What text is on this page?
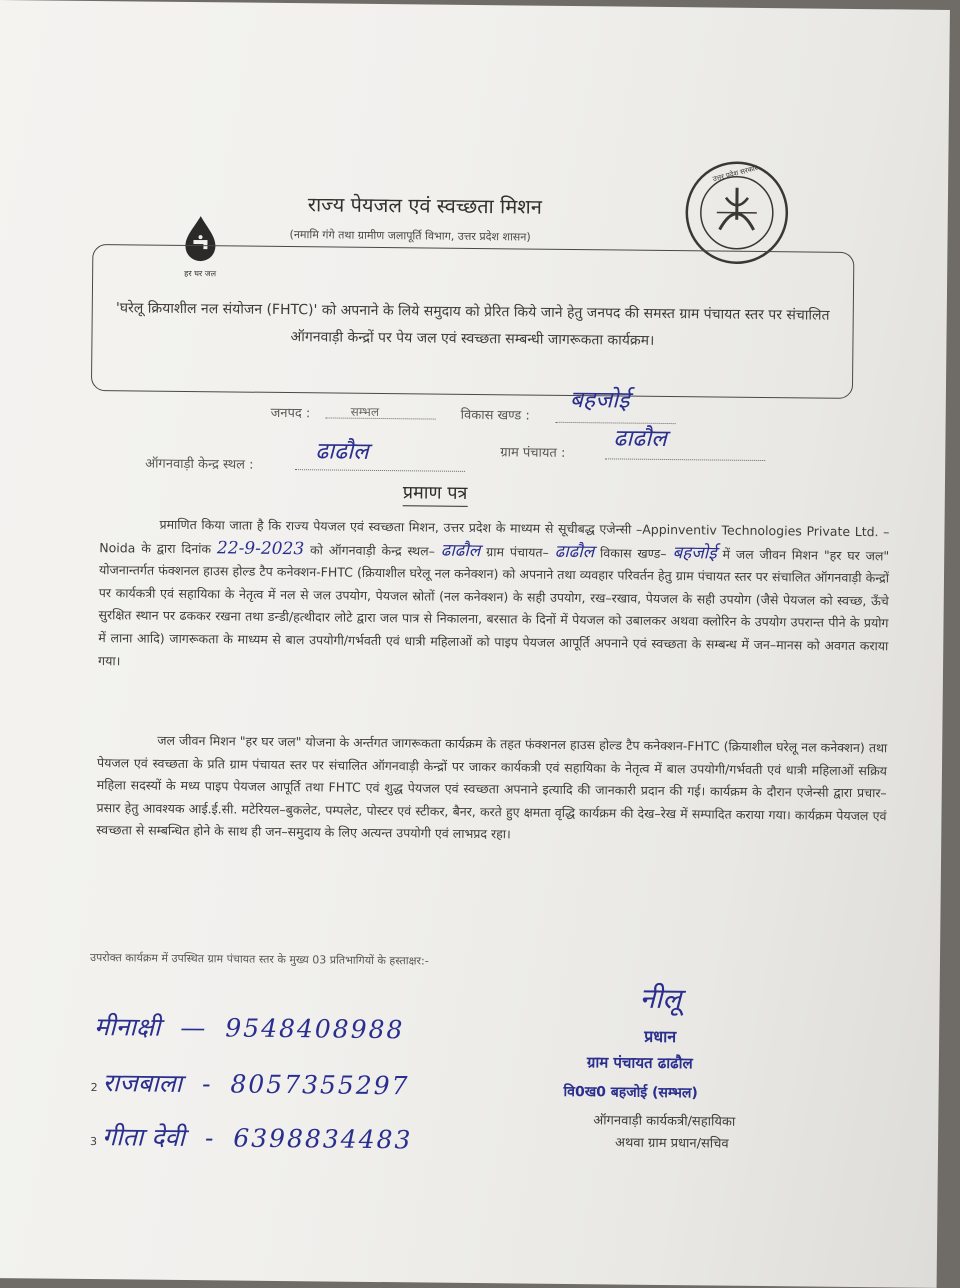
हर घर जल
उत्तर प्रदेश सरकार
राज्य पेयजल एवं स्वच्छता मिशन
(नमामि गंगे तथा ग्रामीण जलापूर्ति विभाग, उत्तर प्रदेश शासन)
'घरेलू क्रियाशील नल संयोजन (FHTC)' को अपनाने के लिये समुदाय को प्रेरित किये जाने हेतु जनपद की समस्त ग्राम पंचायत स्तर पर संचालित ऑगनवाड़ी केन्द्रों पर पेय जल एवं स्वच्छता सम्बन्धी जागरूकता कार्यक्रम।
जनपद :	सम्भल	विकास खण्ड :
बहजोई
ऑगनवाड़ी केन्द्र स्थल :	ढाढौल	ग्राम पंचायत :
ढाढौल
प्रमाण पत्र
प्रमाणित किया जाता है कि राज्य पेयजल एवं स्वच्छता मिशन, उत्तर प्रदेश के माध्यम से सूचीबद्ध एजेन्सी –Appinventiv Technologies Private Ltd. – Noida के द्वारा दिनांक 22-9-2023 को ऑगनवाड़ी केन्द्र स्थल– ढाढौल ग्राम पंचायत– ढाढौल विकास खण्ड– बहजोई में जल जीवन मिशन "हर घर जल" योजनान्तर्गत फंक्शनल हाउस होल्ड टैप कनेक्शन-FHTC (क्रियाशील घरेलू नल कनेक्शन) को अपनाने तथा व्यवहार परिवर्तन हेतु ग्राम पंचायत स्तर पर संचालित ऑगनवाड़ी केन्द्रों पर कार्यकत्री एवं सहायिका के नेतृत्व में नल से जल उपयोग, पेयजल स्रोतों (नल कनेक्शन) के सही उपयोग, रख–रखाव, पेयजल के सही उपयोग (जैसे पेयजल को स्वच्छ, ऊँचे सुरक्षित स्थान पर ढककर रखना तथा डन्डी/हत्थीदार लोटे द्वारा जल पात्र से निकालना, बरसात के दिनों में पेयजल को उबालकर अथवा क्लोरिन के उपयोग उपरान्त पीने के प्रयोग में लाना आदि) जागरूकता के माध्यम से बाल उपयोगी/गर्भवती एवं धात्री महिलाओं को पाइप पेयजल आपूर्ति अपनाने एवं स्वच्छता के सम्बन्ध में जन–मानस को अवगत कराया गया।
जल जीवन मिशन "हर घर जल" योजना के अर्न्तगत जागरूकता कार्यक्रम के तहत फंक्शनल हाउस होल्ड टैप कनेक्शन-FHTC (क्रियाशील घरेलू नल कनेक्शन) तथा पेयजल एवं स्वच्छता के प्रति ग्राम पंचायत स्तर पर संचालित ऑगनवाड़ी केन्द्रों पर जाकर कार्यकत्री एवं सहायिका के नेतृत्व में बाल उपयोगी/गर्भवती एवं धात्री महिलाओं सक्रिय महिला सदस्यों के मध्य पाइप पेयजल आपूर्ति तथा FHTC एवं शुद्ध पेयजल एवं स्वच्छता अपनाने इत्यादि की जानकारी प्रदान की गई। कार्यक्रम के दौरान एजेन्सी द्वारा प्रचार–प्रसार हेतु आवश्यक आई.ई.सी. मटेरियल–बुकलेट, पम्पलेट, पोस्टर एवं स्टीकर, बैनर, करते हुए क्षमता वृद्धि कार्यक्रम की देख–रेख में सम्पादित कराया गया। कार्यक्रम पेयजल एवं स्वच्छता से सम्बन्धित होने के साथ ही जन–समुदाय के लिए अत्यन्त उपयोगी एवं लाभप्रद रहा।
उपरोक्त कार्यक्रम में उपस्थित ग्राम पंचायत स्तर के मुख्य 03 प्रतिभागियों के हस्ताक्षर:-
मीनाक्षी — 9548408988
2 राजबाला - 8057355297
3 गीता देवी - 6398834483
नीलू
प्रधान
ग्राम पंचायत ढाढौल
वि0ख0 बहजोई (सम्भल)
ऑगनवाड़ी कार्यकत्री/सहायिका
अथवा ग्राम प्रधान/सचिव
